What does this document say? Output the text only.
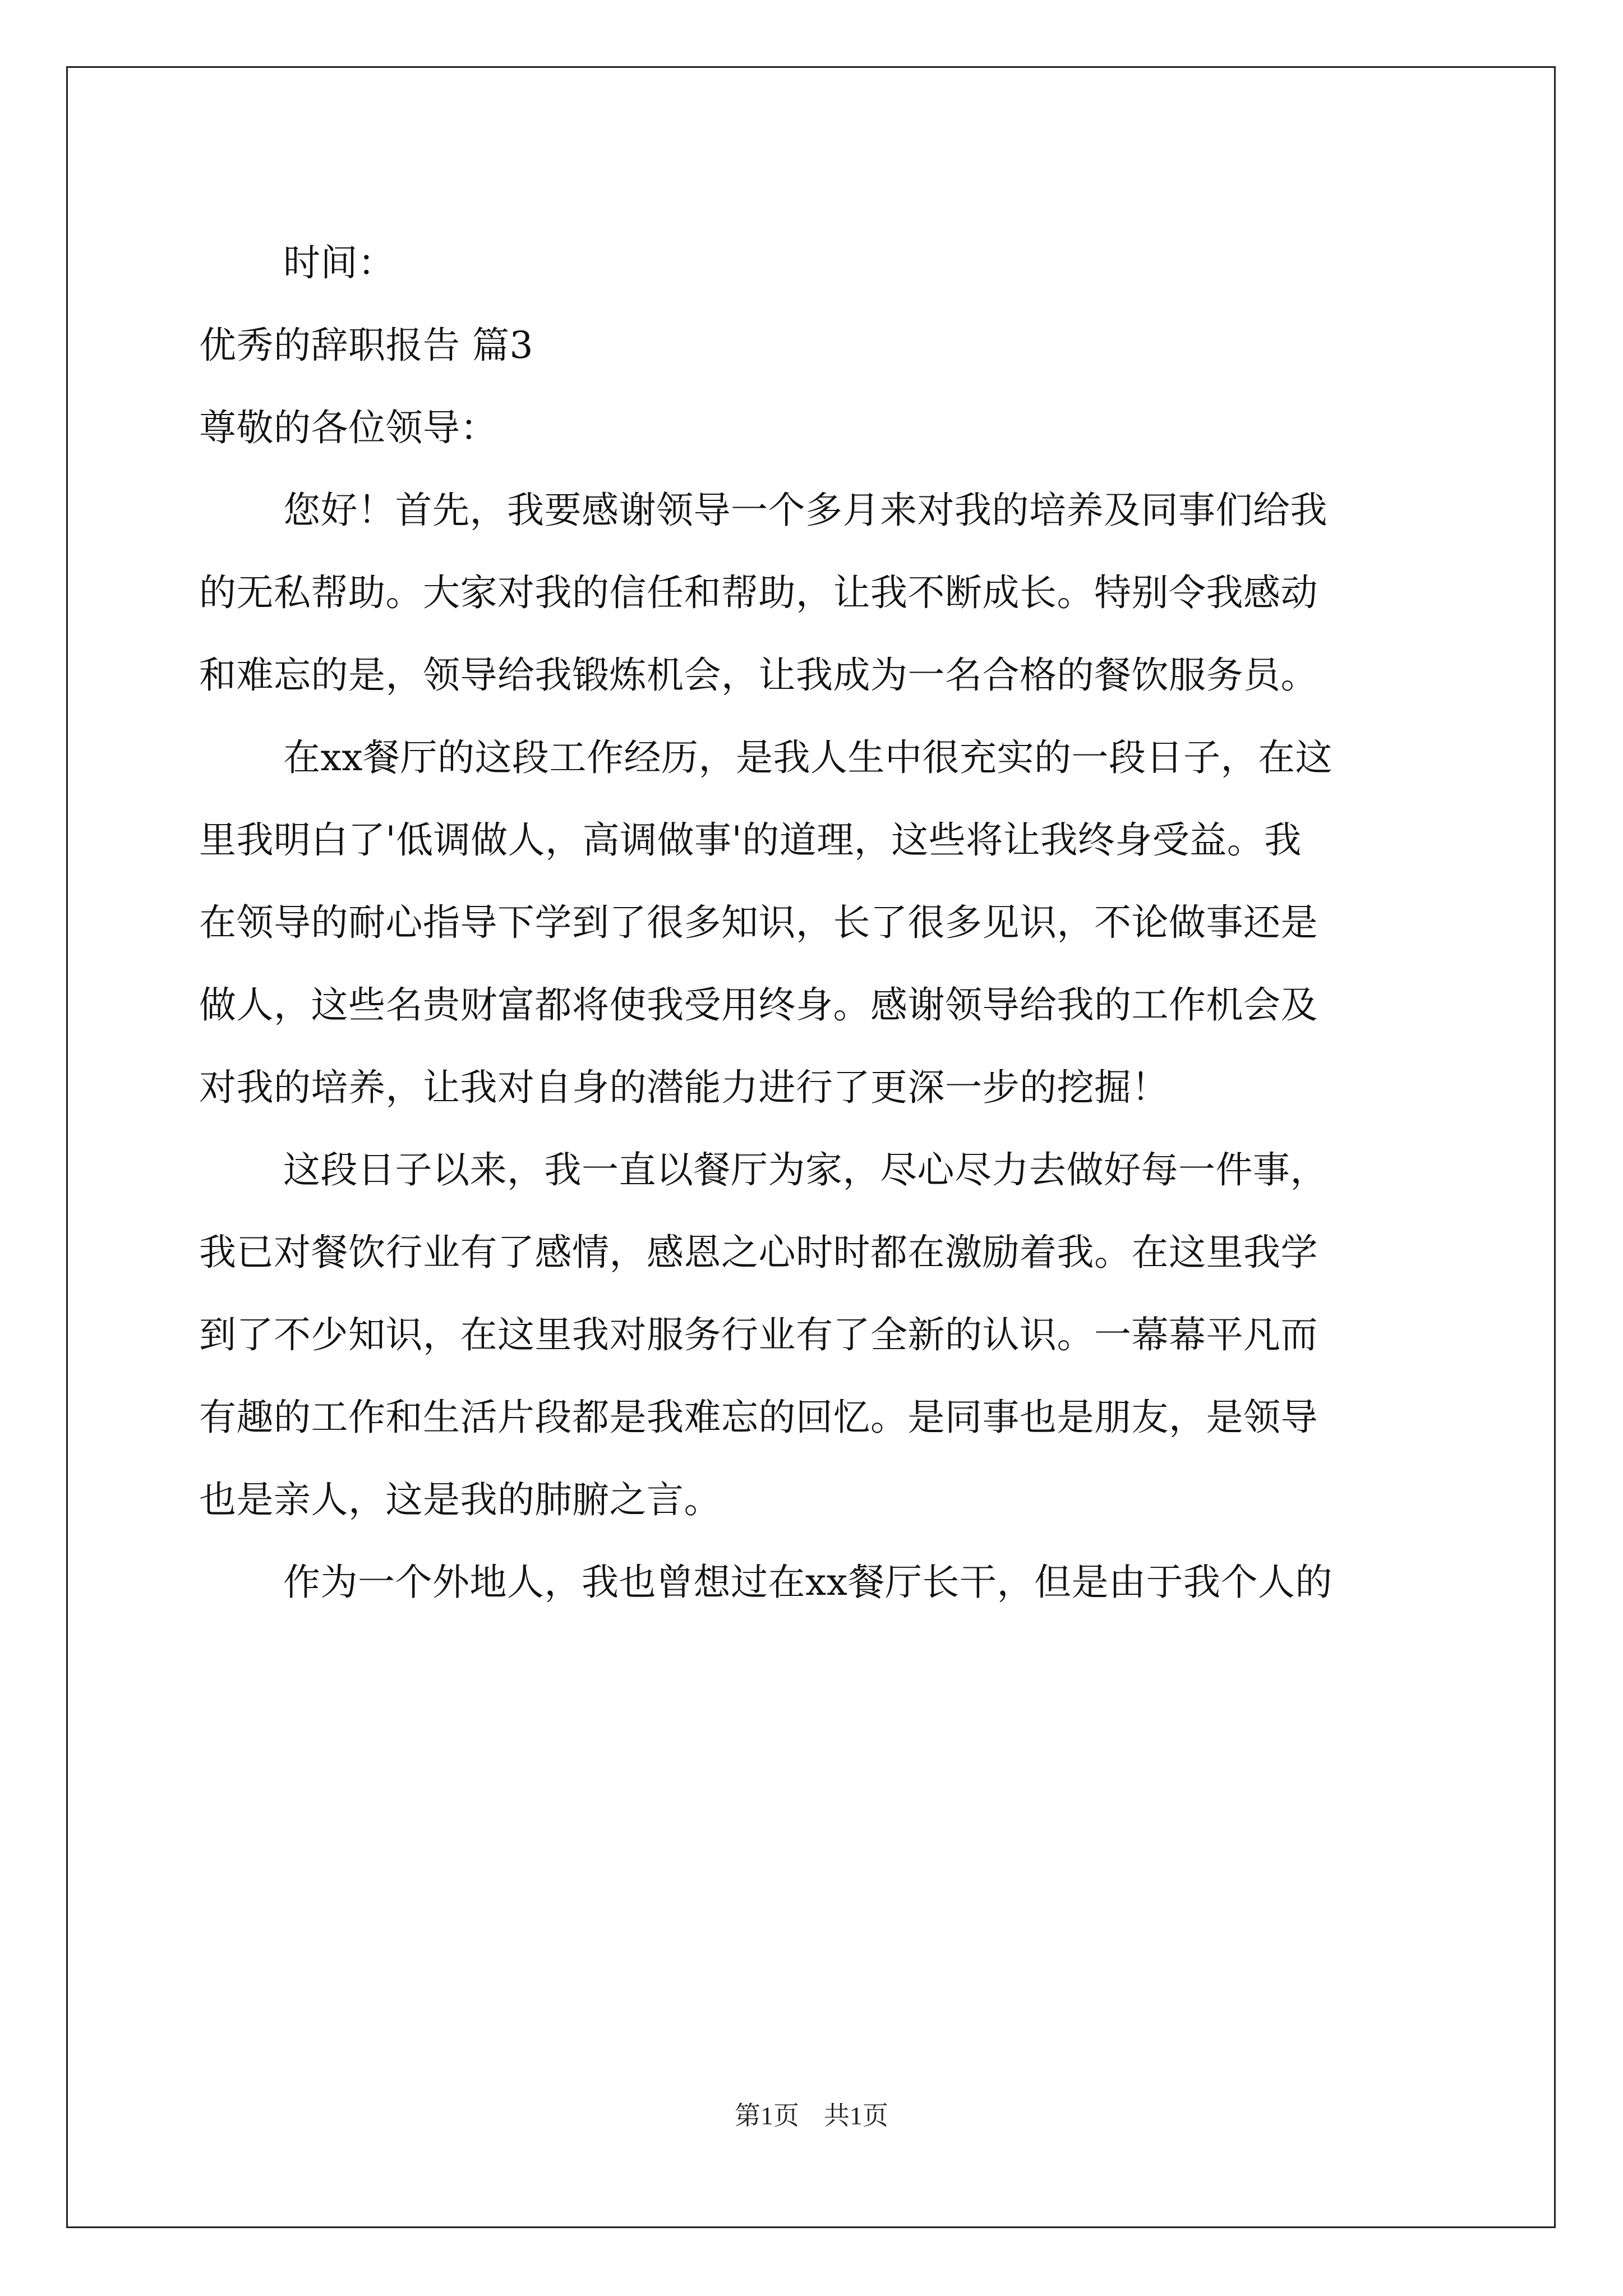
时间：
优秀的辞职报告 篇3
尊敬的各位领导：
您好！首先，我要感谢领导一个多月来对我的培养及同事们给我
的无私帮助。大家对我的信任和帮助，让我不断成长。特别令我感动
和难忘的是，领导给我锻炼机会，让我成为一名合格的餐饮服务员。
在xx餐厅的这段工作经历，是我人生中很充实的一段日子，在这
里我明白了'低调做人，高调做事'的道理，这些将让我终身受益。我
在领导的耐心指导下学到了很多知识，长了很多见识，不论做事还是
做人，这些名贵财富都将使我受用终身。感谢领导给我的工作机会及
对我的培养，让我对自身的潜能力进行了更深一步的挖掘！
这段日子以来，我一直以餐厅为家，尽心尽力去做好每一件事，
我已对餐饮行业有了感情，感恩之心时时都在激励着我。在这里我学
到了不少知识，在这里我对服务行业有了全新的认识。一幕幕平凡而
有趣的工作和生活片段都是我难忘的回忆。是同事也是朋友，是领导
也是亲人，这是我的肺腑之言。
作为一个外地人，我也曾想过在xx餐厅长干，但是由于我个人的
第1页 共1页
